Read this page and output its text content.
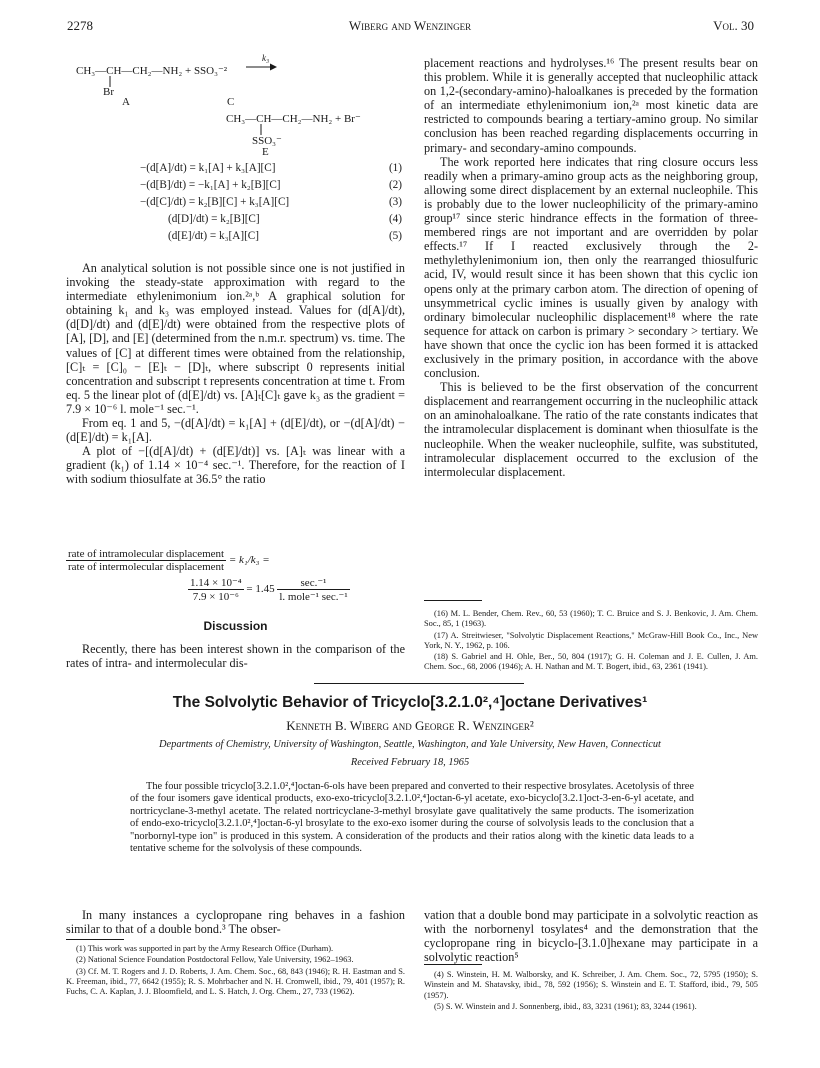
2278	Wiberg and Wenzinger	Vol. 30
CH₃—CH—CH₂—NH₂ + SSO₃⁻²
k₃
Br
A	C
CH₃—CH—CH₂—NH₂ + Br⁻
SSO₃⁻
E
−(d[A]/dt) = k₁[A] + k₃[A][C]	(1)
−(d[B]/dt) = −k₁[A] + k₂[B][C]	(2)
−(d[C]/dt) = k₂[B][C] + k₃[A][C]	(3)
(d[D]/dt) = k₂[B][C]	(4)
(d[E]/dt) = k₃[A][C]	(5)

An analytical solution is not possible since one is not justified in invoking the steady-state approximation with regard to the intermediate ethylenimonium ion.²ᵃ,ᵇ A graphical solution for obtaining k₁ and k₃ was employed instead. Values for (d[A]/dt), (d[D]/dt) and (d[E]/dt) were obtained from the respective plots of [A], [D], and [E] (determined from the n.m.r. spectrum) vs. time. The values of [C] at different times were obtained from the relationship, [C]ₜ = [C]₀ − [E]ₜ − [D]ₜ, where subscript 0 represents initial concentration and subscript t represents concentration at time t. From eq. 5 the linear plot of (d[E]/dt) vs. [A]ₜ[C]ₜ gave k₃ as the gradient = 7.9 × 10⁻⁶ l. mole⁻¹ sec.⁻¹.

From eq. 1 and 5, −(d[A]/dt) = k₁[A] + (d[E]/dt), or −(d[A]/dt) − (d[E]/dt) = k₁[A].

A plot of −[(d[A]/dt) + (d[E]/dt)] vs. [A]ₜ was linear with a gradient (k₁) of 1.14 × 10⁻⁴ sec.⁻¹. Therefore, for the reaction of I with sodium thiosulfate at 36.5° the ratio

$\frac{\text{rate of intramolecular displacement}}{\text{rate of intermolecular displacement}} = k_1/k_3$ =
$\frac{\text{1.14 × 10⁻⁴}}{\text{7.9 × 10⁻⁶}} = 1.45 \frac{\text{sec.⁻¹}}{\text{l. mole⁻¹ sec.⁻¹}}$
Discussion

Recently, there has been interest shown in the comparison of the rates of intra- and intermolecular dis-

placement reactions and hydrolyses.¹⁶ The present results bear on this problem. While it is generally accepted that nucleophilic attack on 1,2-(secondary-amino)-haloalkanes is preceded by the formation of an intermediate ethylenimonium ion,²ᵃ most kinetic data are restricted to compounds bearing a tertiary-amino group. No similar conclusion has been reached regarding displacements occurring in primary- and secondary-amino compounds.

The work reported here indicates that ring closure occurs less readily when a primary-amino group acts as the neighboring group, allowing some direct displacement by an external nucleophile. This is probably due to the lower nucleophilicity of the primary-amino group¹⁷ since steric hindrance effects in the formation of three-membered rings are not important and are overridden by polar effects.¹⁷ If I reacted exclusively through the 2-methylethylenimonium ion, then only the rearranged thiosulfuric acid, IV, would result since it has been shown that this cyclic ion opens only at the primary carbon atom. The direction of opening of unsymmetrical cyclic imines is usually given by analogy with ordinary bimolecular nucleophilic displacement¹⁸ where the rate sequence for attack on carbon is primary > secondary > tertiary. We have shown that once the cyclic ion has been formed it is attacked exclusively in the primary position, in accordance with the above conclusion.

This is believed to be the first observation of the concurrent displacement and rearrangement occurring in the nucleophilic attack on an aminohaloalkane. The ratio of the rate constants indicates that the intramolecular displacement is dominant when thiosulfate is the nucleophile. When the weaker nucleophile, sulfite, was substituted, intramolecular displacement occurred to the exclusion of the intermolecular displacement.

(16) M. L. Bender, Chem. Rev., 60, 53 (1960); T. C. Bruice and S. J. Benkovic, J. Am. Chem. Soc., 85, 1 (1963).

(17) A. Streitwieser, "Solvolytic Displacement Reactions," McGraw-Hill Book Co., Inc., New York, N. Y., 1962, p. 106.

(18) S. Gabriel and H. Ohle, Ber., 50, 804 (1917); G. H. Coleman and J. E. Cullen, J. Am. Chem. Soc., 68, 2006 (1946); A. H. Nathan and M. T. Bogert, ibid., 63, 2361 (1941).

The Solvolytic Behavior of Tricyclo[3.2.1.0²,⁴]octane Derivatives¹
Kenneth B. Wiberg and George R. Wenzinger²
Departments of Chemistry, University of Washington, Seattle, Washington, and Yale University, New Haven, Connecticut
Received February 18, 1965

The four possible tricyclo[3.2.1.0²,⁴]octan-6-ols have been prepared and converted to their respective brosylates. Acetolysis of three of the four isomers gave identical products, exo-exo-tricyclo[3.2.1.0²,⁴]octan-6-yl acetate, exo-bicyclo[3.2.1]oct-3-en-6-yl acetate, and nortricyclane-3-methyl acetate. The related nortricyclane-3-methyl brosylate gave qualitatively the same products. The isomerization of endo-exo-tricyclo[3.2.1.0²,⁴]octan-6-yl brosylate to the exo-exo isomer during the course of solvolysis leads to the conclusion that a "norbornyl-type ion" is produced in this system. A consideration of the products and their ratios along with the kinetic data leads to a tentative scheme for the solvolysis of these compounds.

In many instances a cyclopropane ring behaves in a fashion similar to that of a double bond.³ The obser-

(1) This work was supported in part by the Army Research Office (Durham).

(2) National Science Foundation Postdoctoral Fellow, Yale University, 1962–1963.

(3) Cf. M. T. Rogers and J. D. Roberts, J. Am. Chem. Soc., 68, 843 (1946); R. H. Eastman and S. K. Freeman, ibid., 77, 6642 (1955); R. S. Mohrbacher and N. H. Cromwell, ibid., 79, 401 (1957); R. Fuchs, C. A. Kaplan, J. J. Bloomfield, and L. S. Hatch, J. Org. Chem., 27, 733 (1962).

vation that a double bond may participate in a solvolytic reaction as with the norbornenyl tosylates⁴ and the demonstration that the cyclopropane ring in bicyclo-[3.1.0]hexane may participate in a solvolytic reaction⁵

(4) S. Winstein, H. M. Walborsky, and K. Schreiber, J. Am. Chem. Soc., 72, 5795 (1950); S. Winstein and M. Shatavsky, ibid., 78, 592 (1956); S. Winstein and E. T. Stafford, ibid., 79, 505 (1957).

(5) S. W. Winstein and J. Sonnenberg, ibid., 83, 3231 (1961); 83, 3244 (1961).
